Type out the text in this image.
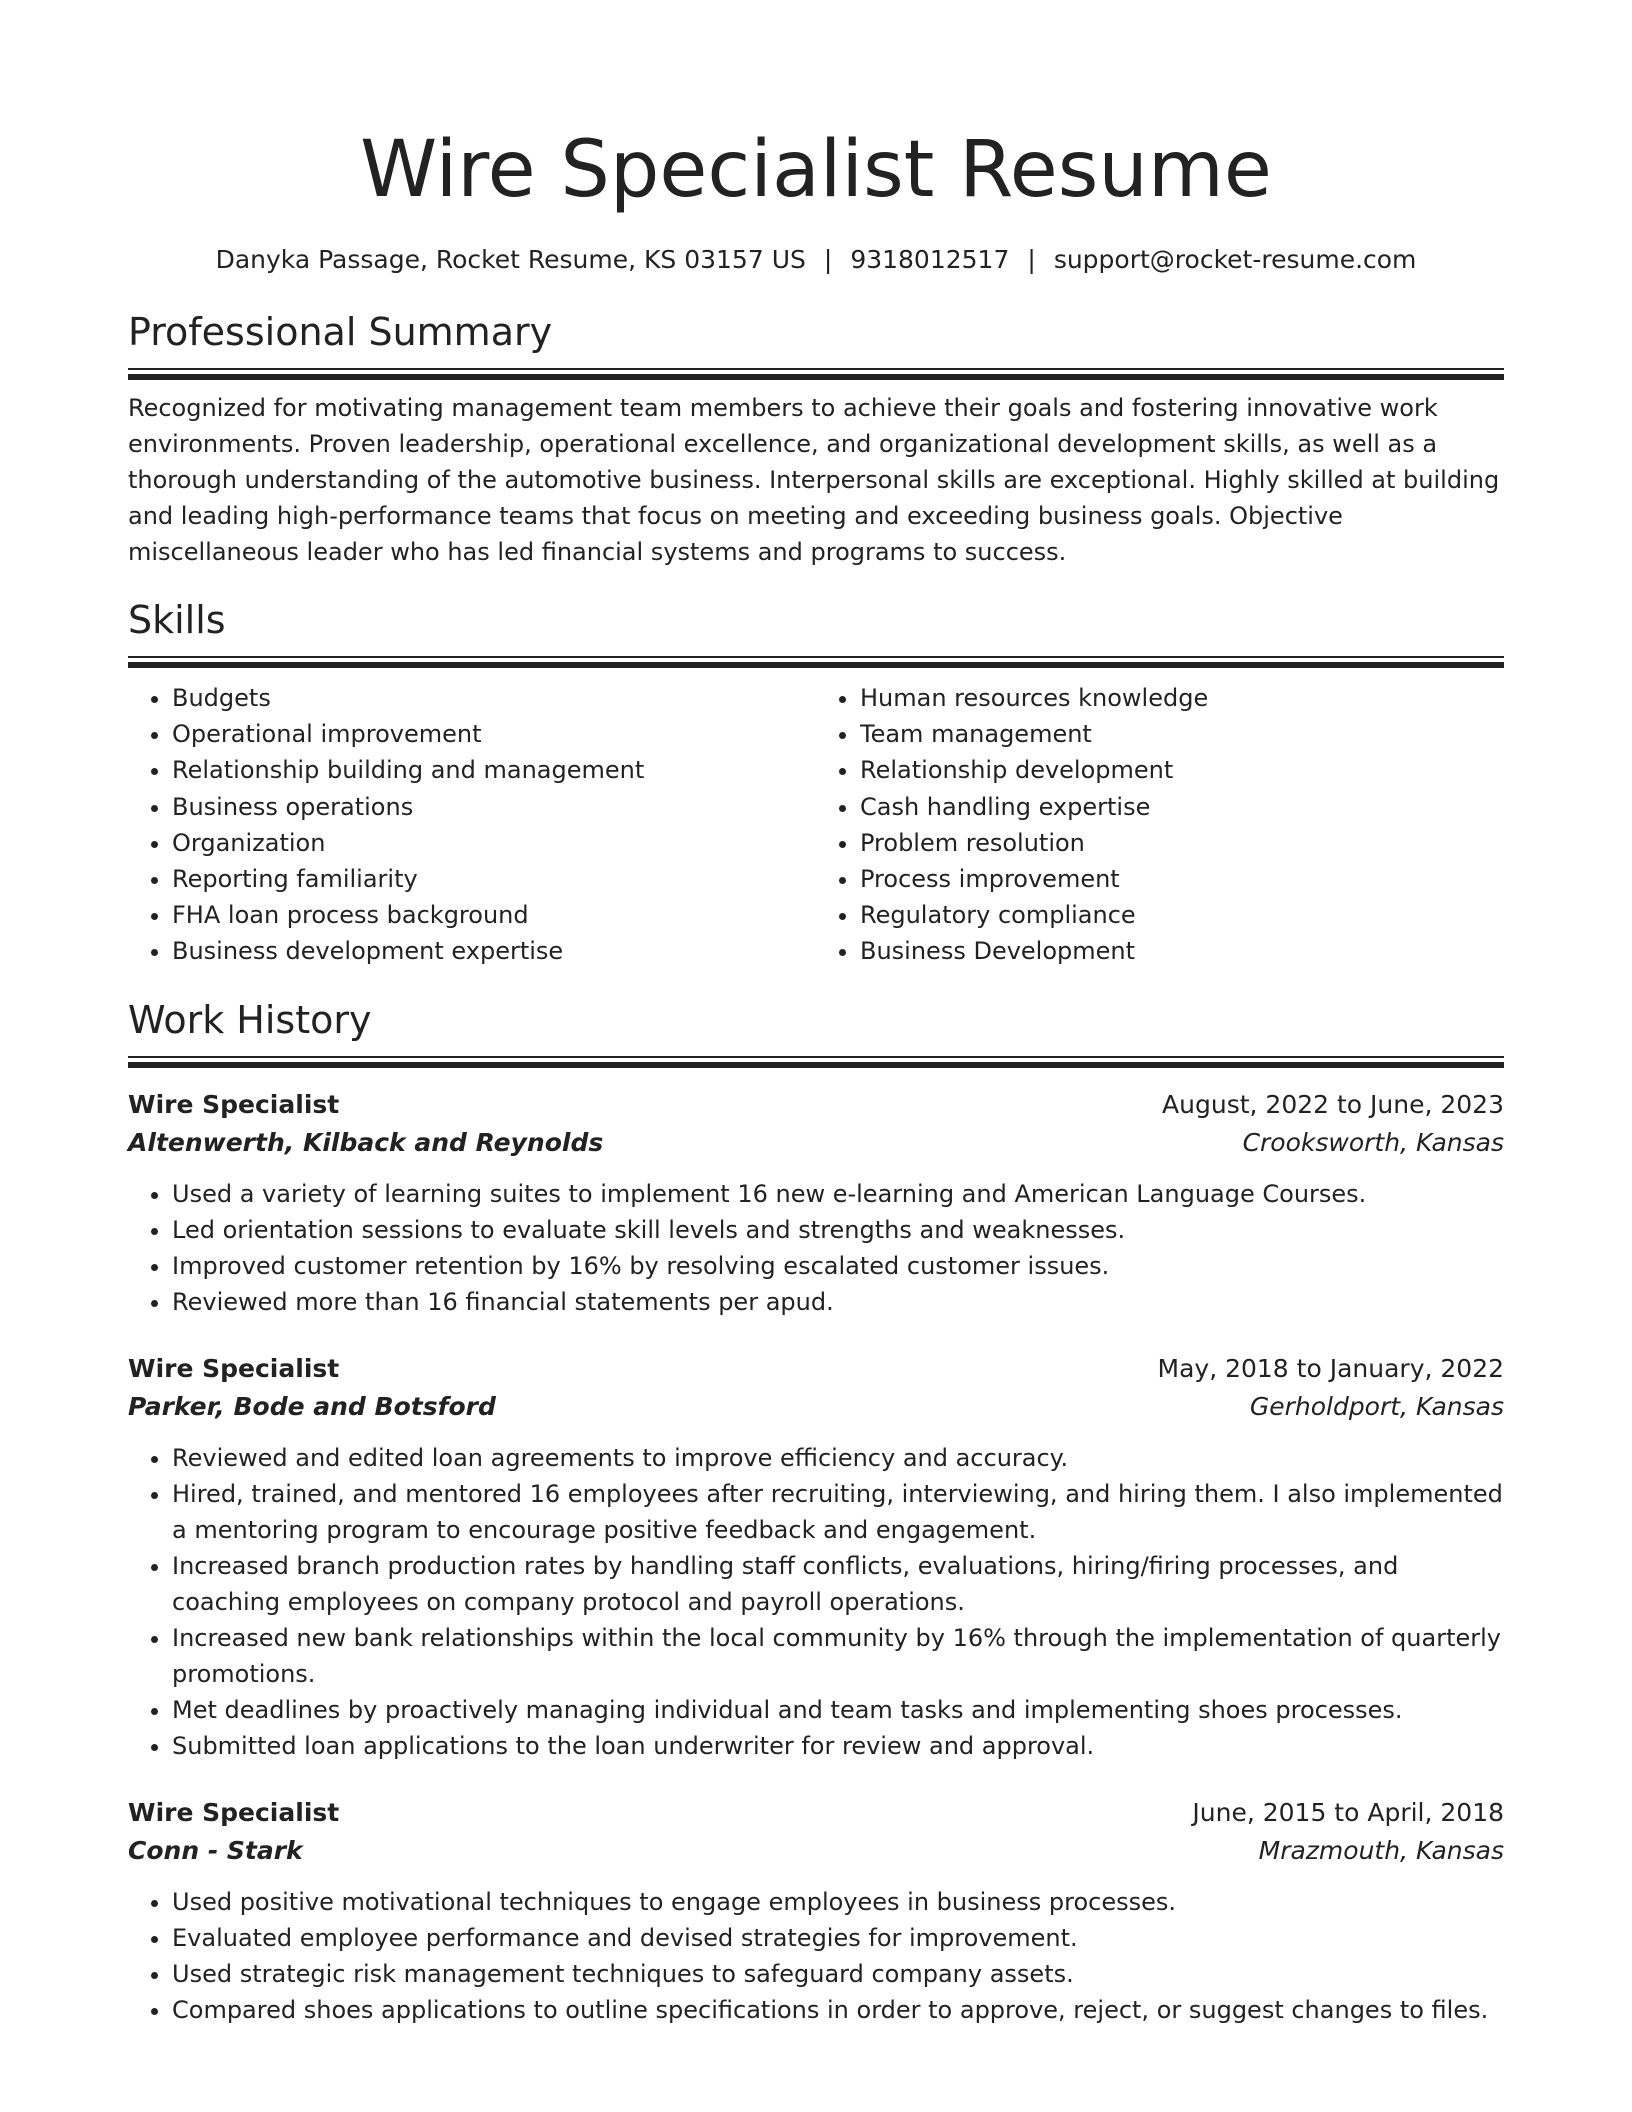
Wire Specialist Resume
Danyka Passage, Rocket Resume, KS 03157 US | 9318012517 | support@rocket-resume.com
Professional Summary
Recognized for motivating management team members to achieve their goals and fostering innovative work environments. Proven leadership, operational excellence, and organizational development skills, as well as a thorough understanding of the automotive business. Interpersonal skills are exceptional. Highly skilled at building and leading high-performance teams that focus on meeting and exceeding business goals. Objective miscellaneous leader who has led financial systems and programs to success.
Skills
• Budgets
• Operational improvement
• Relationship building and management
• Business operations
• Organization
• Reporting familiarity
• FHA loan process background
• Business development expertise
• Human resources knowledge
• Team management
• Relationship development
• Cash handling expertise
• Problem resolution
• Process improvement
• Regulatory compliance
• Business Development
Work History
Wire Specialist	August, 2022 to June, 2023
Altenwerth, Kilback and Reynolds	Crooksworth, Kansas
• Used a variety of learning suites to implement 16 new e-learning and American Language Courses.
• Led orientation sessions to evaluate skill levels and strengths and weaknesses.
• Improved customer retention by 16% by resolving escalated customer issues.
• Reviewed more than 16 financial statements per apud.
Wire Specialist	May, 2018 to January, 2022
Parker, Bode and Botsford	Gerholdport, Kansas
• Reviewed and edited loan agreements to improve efficiency and accuracy.
• Hired, trained, and mentored 16 employees after recruiting, interviewing, and hiring them. I also implemented a mentoring program to encourage positive feedback and engagement.
• Increased branch production rates by handling staff conflicts, evaluations, hiring/firing processes, and coaching employees on company protocol and payroll operations.
• Increased new bank relationships within the local community by 16% through the implementation of quarterly promotions.
• Met deadlines by proactively managing individual and team tasks and implementing shoes processes.
• Submitted loan applications to the loan underwriter for review and approval.
Wire Specialist	June, 2015 to April, 2018
Conn - Stark	Mrazmouth, Kansas
• Used positive motivational techniques to engage employees in business processes.
• Evaluated employee performance and devised strategies for improvement.
• Used strategic risk management techniques to safeguard company assets.
• Compared shoes applications to outline specifications in order to approve, reject, or suggest changes to files.
